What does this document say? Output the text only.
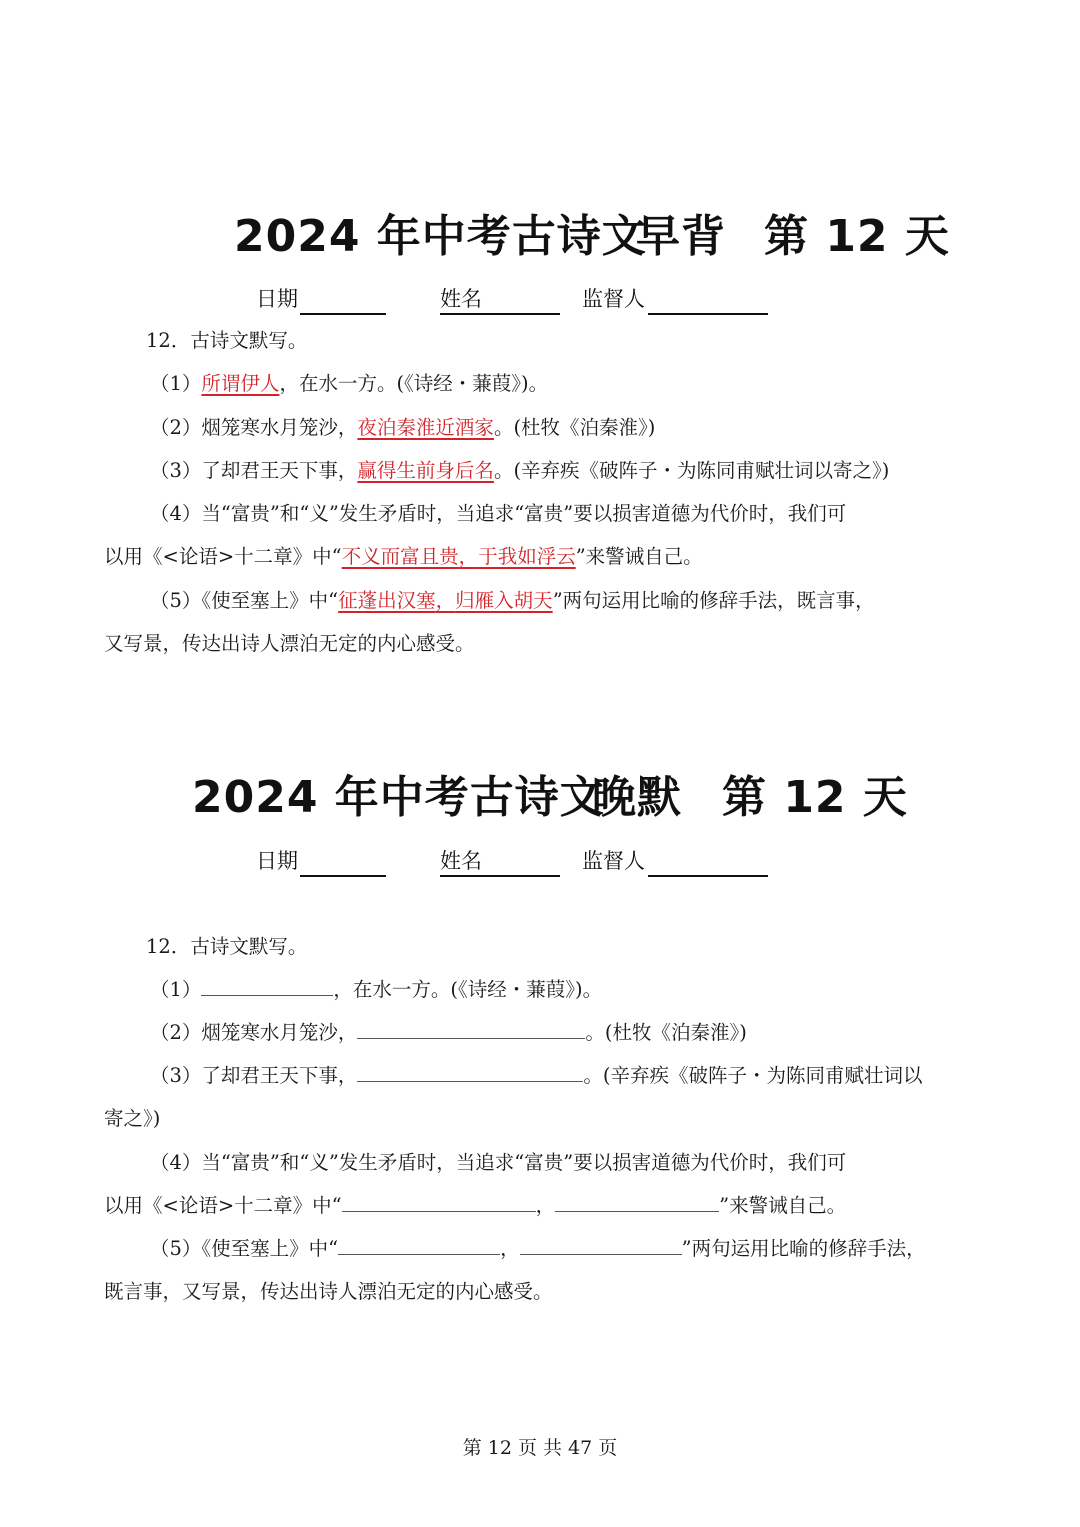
2024 年中考古诗文
早背 第 12 天
日期	姓名	监督人
12．古诗文默写。
（1）所谓伊人，在水一方。(《诗经・蒹葭》)。
（2）烟笼寒水月笼沙，夜泊秦淮近酒家。(杜牧《泊秦淮》)
（3）了却君王天下事，赢得生前身后名。(辛弃疾《破阵子・为陈同甫赋壮词以寄之》)
（4）当“富贵”和“义”发生矛盾时，当追求“富贵”要以损害道德为代价时，我们可
以用《<论语>十二章》中“不义而富且贵，于我如浮云”来警诫自己。
（5）《使至塞上》中“征蓬出汉塞，归雁入胡天”两句运用比喻的修辞手法，既言事，
又写景，传达出诗人漂泊无定的内心感受。
2024 年中考古诗文
晚默 第 12 天
日期	姓名	监督人
12．古诗文默写。
（1）	，在水一方。(《诗经・蒹葭》)。
（2）烟笼寒水月笼沙，	。(杜牧《泊秦淮》)
（3）了却君王天下事，	。(辛弃疾《破阵子・为陈同甫赋壮词以
寄之》)
（4）当“富贵”和“义”发生矛盾时，当追求“富贵”要以损害道德为代价时，我们可
以用《<论语>十二章》中“	，	”来警诫自己。
（5）《使至塞上》中“	，	”两句运用比喻的修辞手法，
既言事，又写景，传达出诗人漂泊无定的内心感受。
第 12 页 共 47 页
